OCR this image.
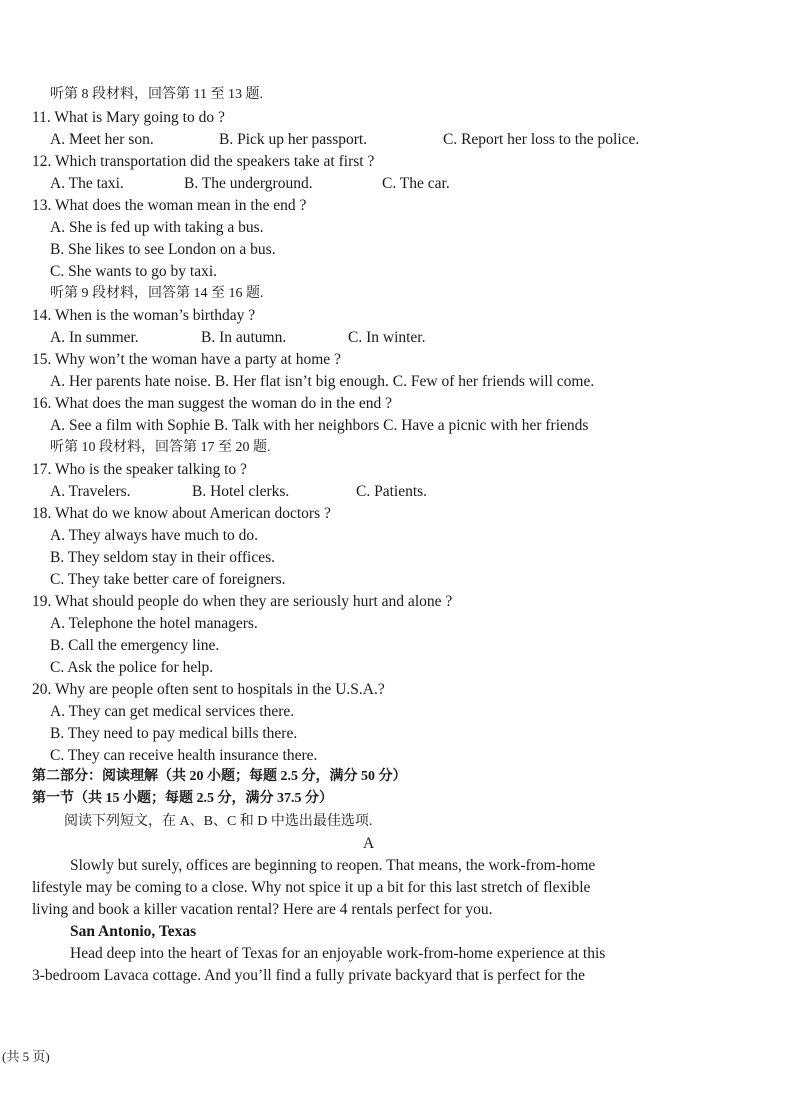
听第 8 段材料，回答第 11 至 13 题.
11. What is Mary going to do ?
A. Meet her son.	B. Pick up her passport.	C. Report her loss to the police.
12. Which transportation did the speakers take at first ?
A. The taxi.	B. The underground.	C. The car.
13. What does the woman mean in the end ?
A. She is fed up with taking a bus.
B. She likes to see London on a bus.
C. She wants to go by taxi.
听第 9 段材料，回答第 14 至 16 题.
14. When is the woman’s birthday ?
A. In summer.	B. In autumn.	C. In winter.
15. Why won’t the woman have a party at home ?
A. Her parents hate noise. B. Her flat isn’t big enough. C. Few of her friends will come.
16. What does the man suggest the woman do in the end ?
A. See a film with Sophie B. Talk with her neighbors C. Have a picnic with her friends
听第 10 段材料，回答第 17 至 20 题.
17. Who is the speaker talking to ?
A. Travelers.	B. Hotel clerks.	C. Patients.
18. What do we know about American doctors ?
A. They always have much to do.
B. They seldom stay in their offices.
C. They take better care of foreigners.
19. What should people do when they are seriously hurt and alone ?
A. Telephone the hotel managers.
B. Call the emergency line.
C. Ask the police for help.
20. Why are people often sent to hospitals in the U.S.A.?
A. They can get medical services there.
B. They need to pay medical bills there.
C. They can receive health insurance there.
第二部分：阅读理解（共 20 小题；每题 2.5 分，满分 50 分）
第一节（共 15 小题；每题 2.5 分，满分 37.5 分）
阅读下列短文，在 A、B、C 和 D 中选出最佳选项.
A
Slowly but surely, offices are beginning to reopen. That means, the work-from-home
lifestyle may be coming to a close. Why not spice it up a bit for this last stretch of flexible
living and book a killer vacation rental? Here are 4 rentals perfect for you.
San Antonio, Texas
Head deep into the heart of Texas for an enjoyable work-from-home experience at this
3-bedroom Lavaca cottage. And you’ll find a fully private backyard that is perfect for the
(共 5 页)
